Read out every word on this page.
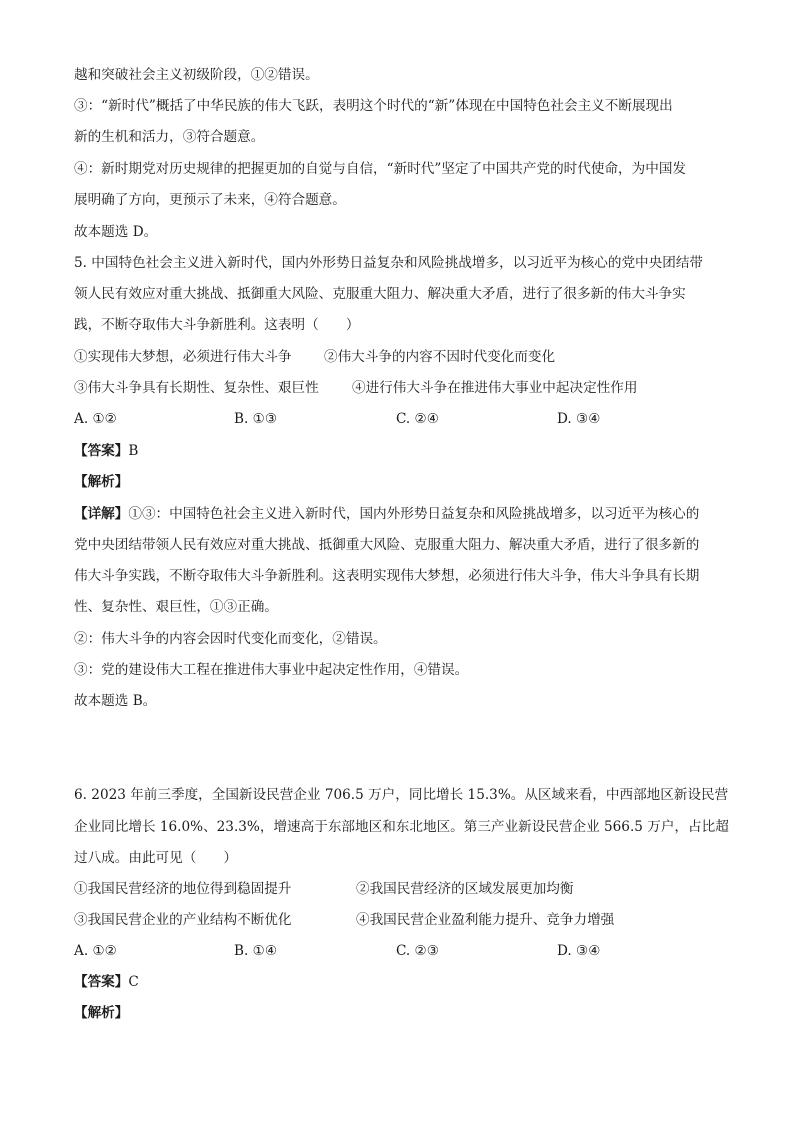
越和突破社会主义初级阶段，①②错误。
③：“新时代”概括了中华民族的伟大飞跃，表明这个时代的“新”体现在中国特色社会主义不断展现出
新的生机和活力，③符合题意。
④：新时期党对历史规律的把握更加的自觉与自信，“新时代”坚定了中国共产党的时代使命，为中国发
展明确了方向，更预示了未来，④符合题意。
故本题选 D。
5. 中国特色社会主义进入新时代，国内外形势日益复杂和风险挑战增多，以习近平为核心的党中央团结带
领人民有效应对重大挑战、抵御重大风险、克服重大阻力、解决重大矛盾，进行了很多新的伟大斗争实
践，不断夺取伟大斗争新胜利。这表明（　　）
①实现伟大梦想，必须进行伟大斗争 ②伟大斗争的内容不因时代变化而变化
③伟大斗争具有长期性、复杂性、艰巨性 ④进行伟大斗争在推进伟大事业中起决定性作用
A. ①②	B. ①③	C. ②④	D. ③④
【答案】B
【解析】
【详解】①③：中国特色社会主义进入新时代，国内外形势日益复杂和风险挑战增多，以习近平为核心的
党中央团结带领人民有效应对重大挑战、抵御重大风险、克服重大阻力、解决重大矛盾，进行了很多新的
伟大斗争实践，不断夺取伟大斗争新胜利。这表明实现伟大梦想，必须进行伟大斗争，伟大斗争具有长期
性、复杂性、艰巨性，①③正确。
②：伟大斗争的内容会因时代变化而变化，②错误。
③：党的建设伟大工程在推进伟大事业中起决定性作用，④错误。
故本题选 B。
6. 2023 年前三季度，全国新设民营企业 706.5 万户，同比增长 15.3%。从区域来看，中西部地区新设民营
企业同比增长 16.0%、23.3%，增速高于东部地区和东北地区。第三产业新设民营企业 566.5 万户，占比超
过八成。由此可见（　　）
①我国民营经济的地位得到稳固提升	②我国民营经济的区域发展更加均衡
③我国民营企业的产业结构不断优化	④我国民营企业盈利能力提升、竞争力增强
A. ①②	B. ①④	C. ②③	D. ③④
【答案】C
【解析】
